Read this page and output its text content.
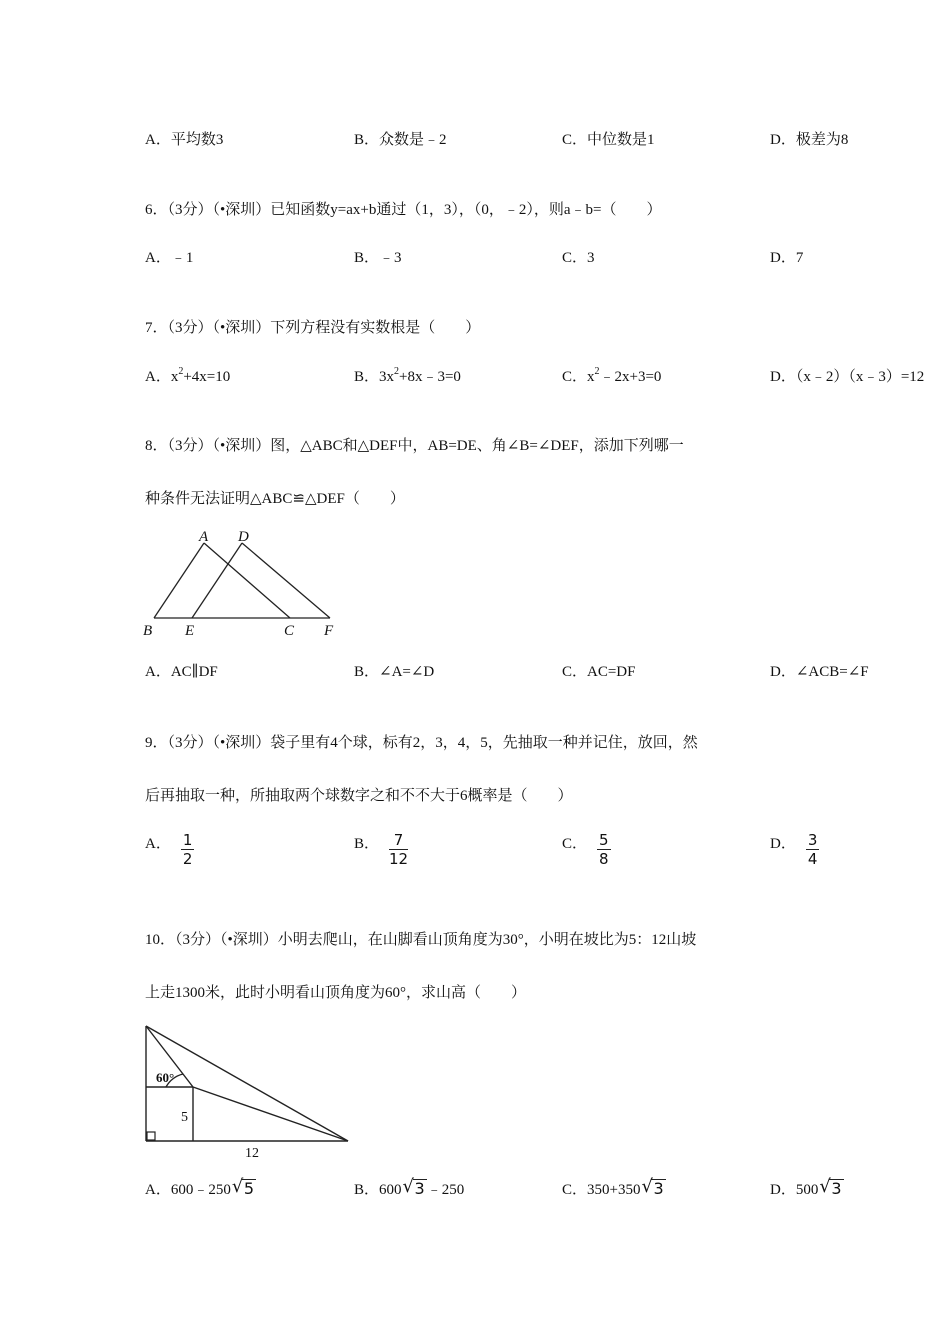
A．平均数3	B．众数是﹣2	C．中位数是1	D．极差为8
6．（3分）（•深圳）已知函数y=ax+b通过（1，3），（0，﹣2），则a﹣b=（　　）
A．﹣1	B．﹣3	C．3	D．7
7．（3分）（•深圳）下列方程没有实数根是（　　）
A．$x^2+4x=10$	B．$3x^2+8x﹣3=0$	C．$x^2﹣2x+3=0$	D．（x﹣2）（x﹣3）=12
8．（3分）（•深圳）图，△ABC和△DEF中，AB=DE、角∠B=∠DEF，添加下列哪一
种条件无法证明△ABC≌△DEF（　　）
A D
B E	C F
A．AC∥DF	B．∠A=∠D	C．AC=DF	D．∠ACB=∠F
9．（3分）（•深圳）袋子里有4个球，标有2，3，4，5，先抽取一种并记住，放回，然
后再抽取一种，所抽取两个球数字之和不不大于6概率是（　　）
A． $\frac{1}{2}$	B． $\frac{7}{12}$	C． $\frac{5}{8}$	D． $\frac{3}{4}$
10．（3分）（•深圳）小明去爬山，在山脚看山顶角度为30°，小明在坡比为5：12山坡
上走1300米，此时小明看山顶角度为60°，求山高（　　）
60°
5
12
A．600﹣250 √ 5	B．600 √ 3 ﹣250	C．350+350 √ 3	D．500 √ 3
